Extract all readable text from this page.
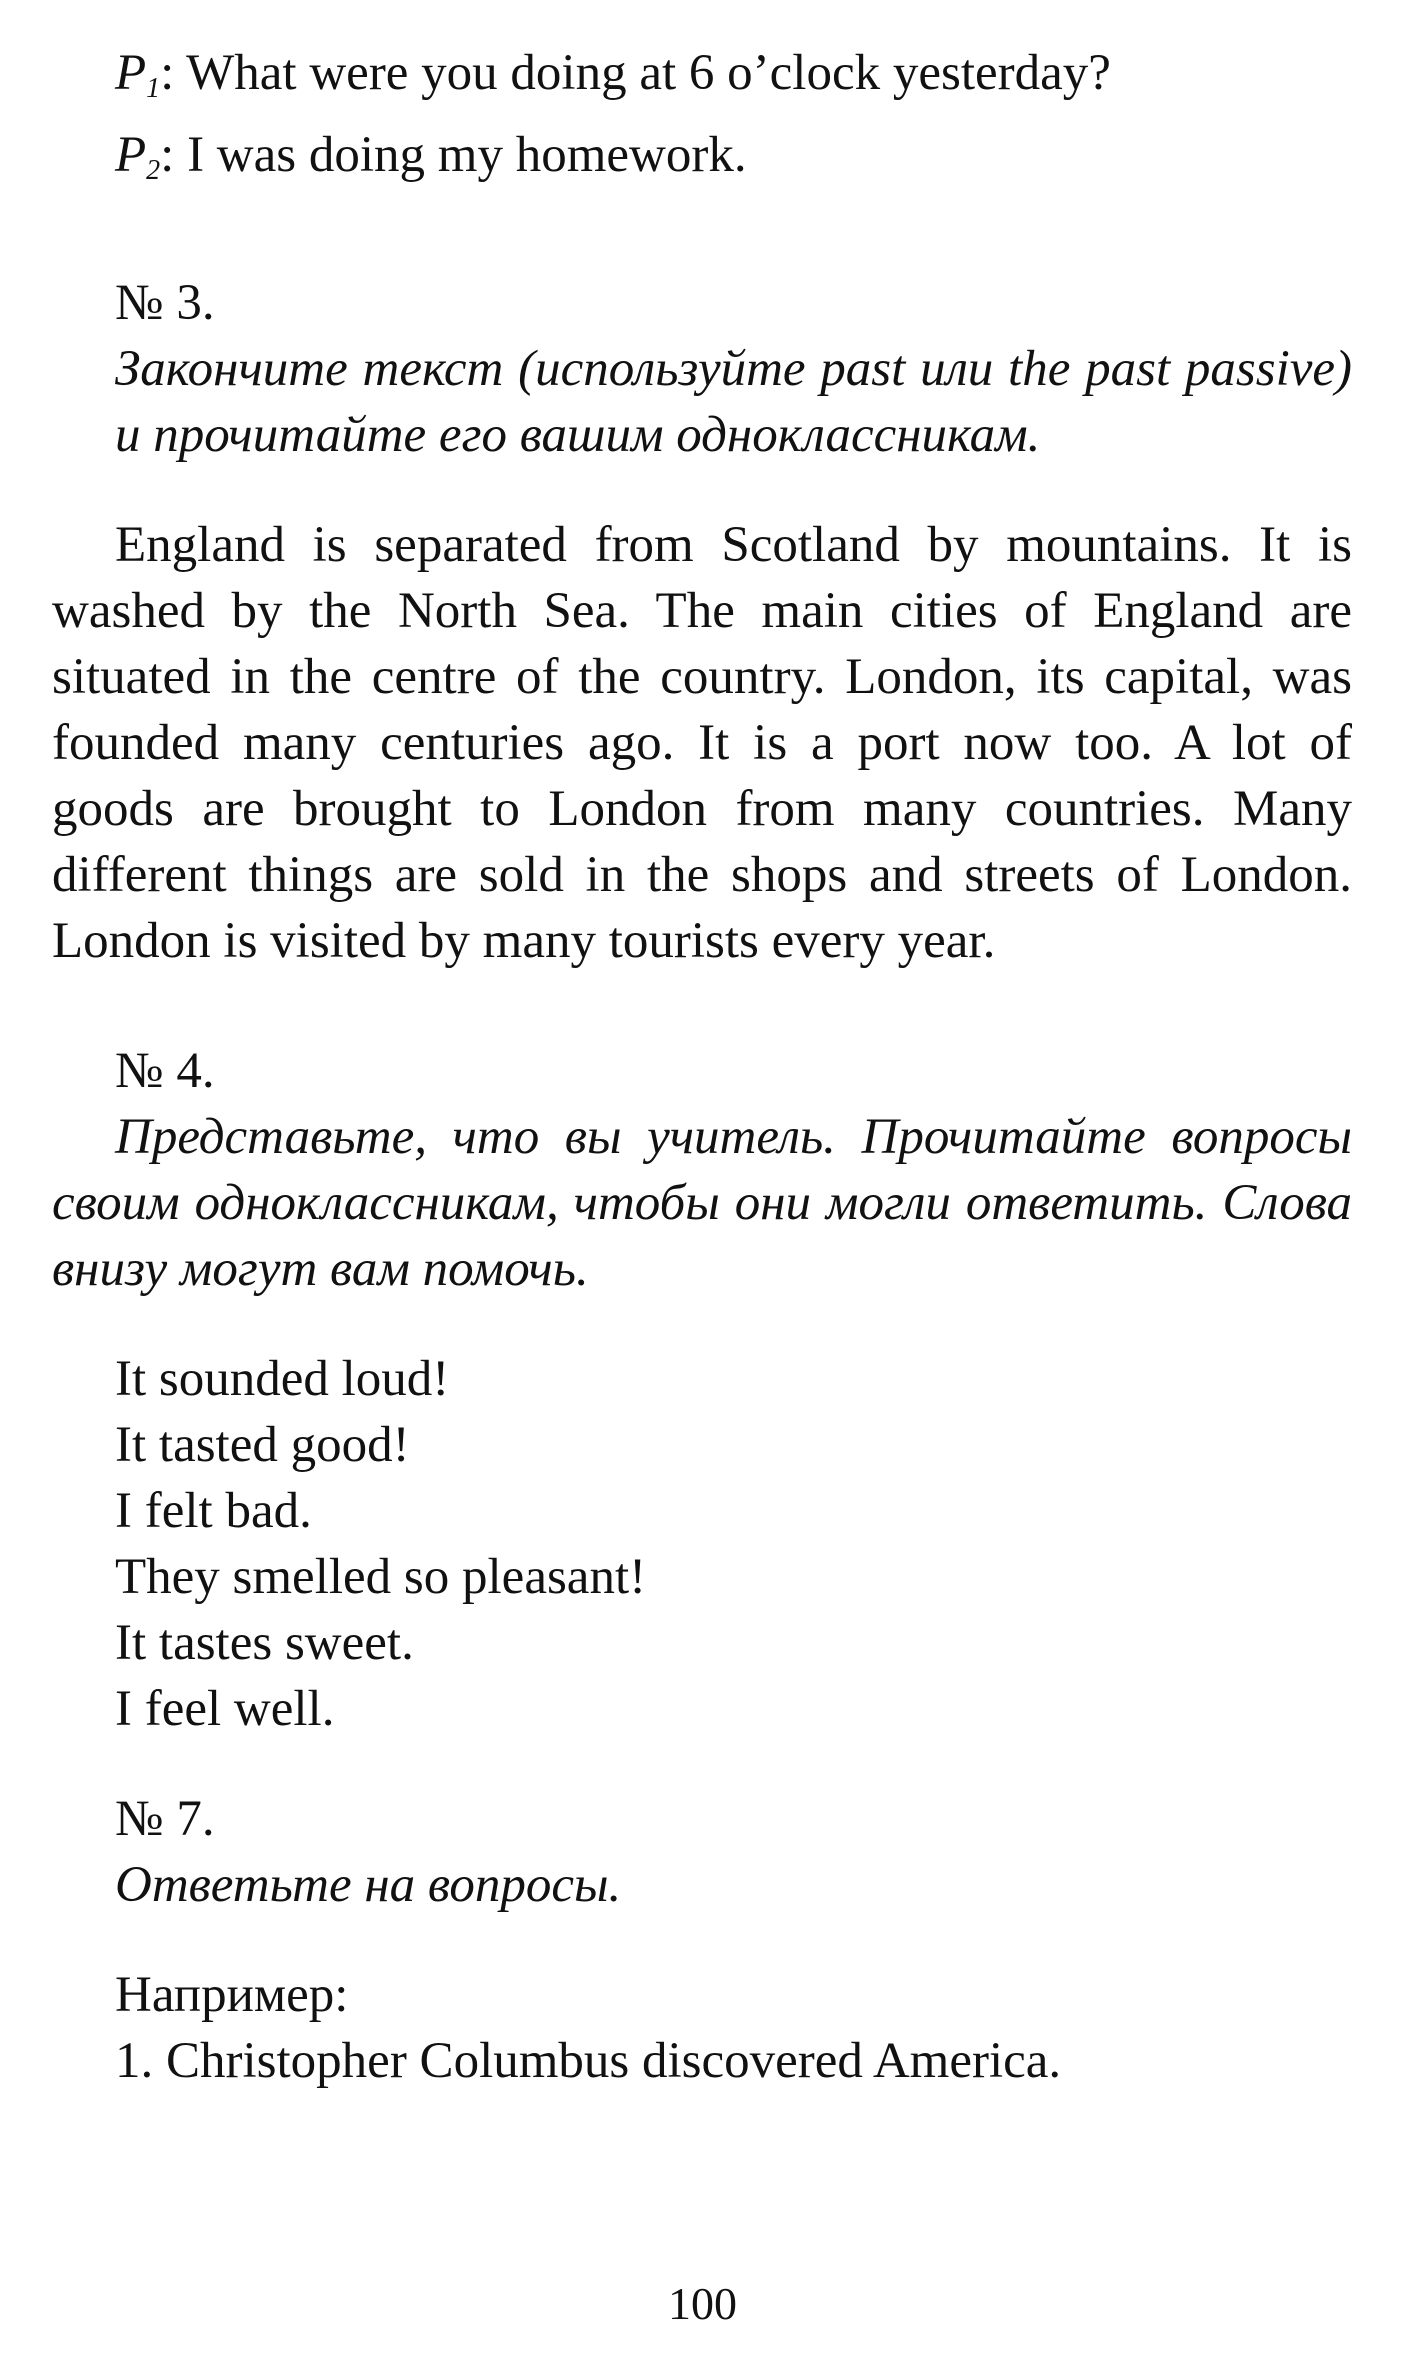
$P_1$: What were you doing at 6 o’clock yesterday?

$P_2$: I was doing my homework.

№ 3.

Закончите текст (используйте past или the past passive) и прочитайте его вашим одноклассникам.

England is separated from Scotland by mountains. It is washed by the North Sea. The main cities of England are situated in the centre of the country. London, its capital, was founded many centuries ago. It is a port now too. A lot of goods are brought to London from many countries. Many different things are sold in the shops and streets of London. London is visited by many tourists every year.

№ 4.

Представьте, что вы учитель. Прочитайте вопросы своим одноклассникам, чтобы они могли ответить. Слова внизу могут вам помочь.

It sounded loud!

It tasted good!

I felt bad.

They smelled so pleasant!

It tastes sweet.

I feel well.

№ 7.

Ответьте на вопросы.

Например:

1. Christopher Columbus discovered America.

100
